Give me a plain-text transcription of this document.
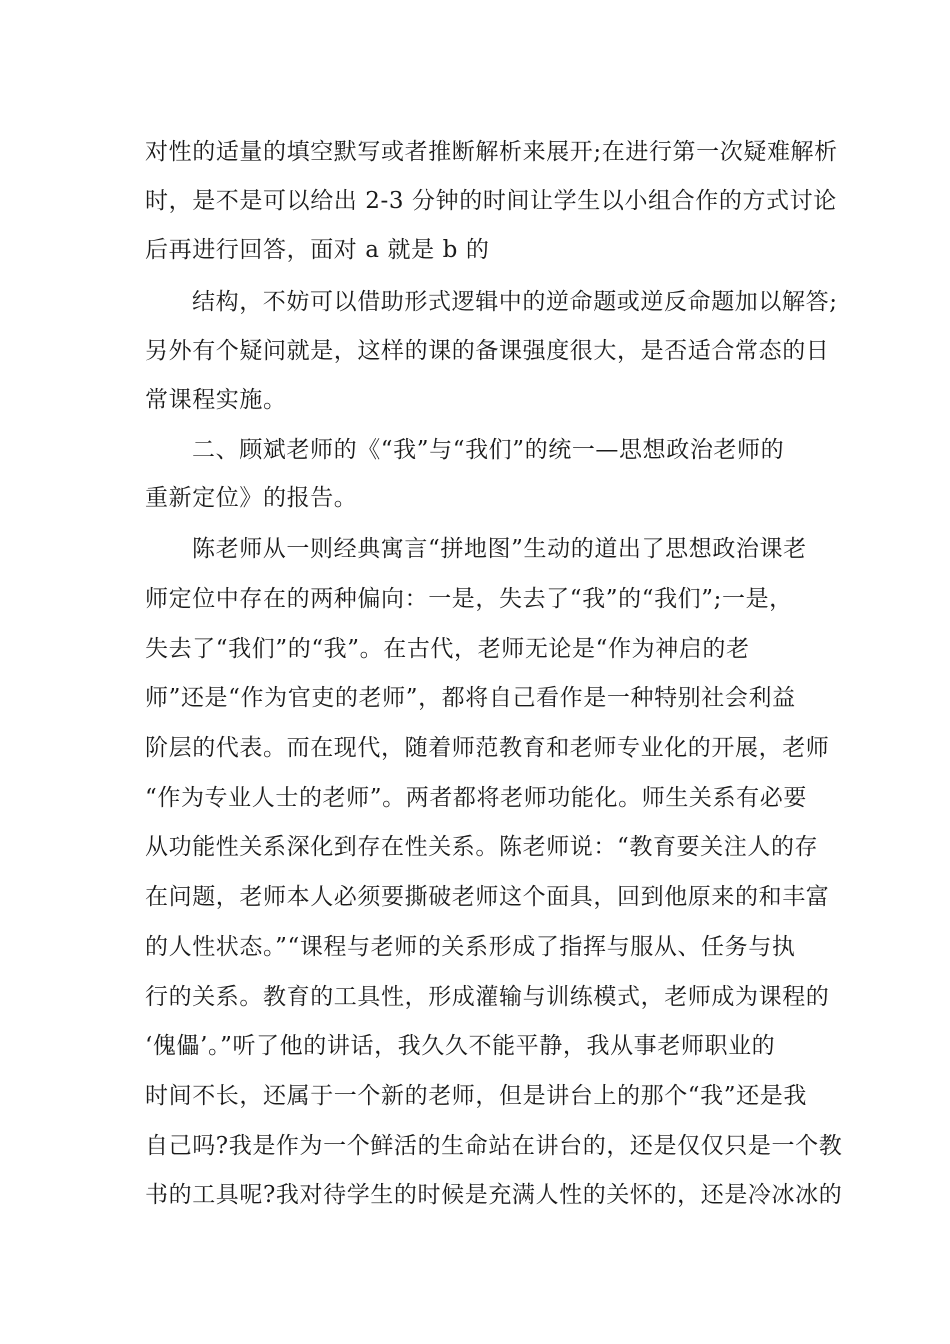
对性的适量的填空默写或者推断解析来展开;在进行第一次疑难解析
时，是不是可以给出 2-3 分钟的时间让学生以小组合作的方式讨论
后再进行回答，面对 a 就是 b 的
结构，不妨可以借助形式逻辑中的逆命题或逆反命题加以解答;
另外有个疑问就是，这样的课的备课强度很大，是否适合常态的日
常课程实施。
二、顾斌老师的《“我”与“我们”的统一—思想政治老师的
重新定位》的报告。
陈老师从一则经典寓言“拼地图”生动的道出了思想政治课老
师定位中存在的两种偏向：一是，失去了“我”的“我们”;一是，
失去了“我们”的“我”。在古代，老师无论是“作为神启的老
师”还是“作为官吏的老师”，都将自己看作是一种特别社会利益
阶层的代表。而在现代，随着师范教育和老师专业化的开展，老师
“作为专业人士的老师”。两者都将老师功能化。师生关系有必要
从功能性关系深化到存在性关系。陈老师说：“教育要关注人的存
在问题，老师本人必须要撕破老师这个面具，回到他原来的和丰富
的人性状态。”“课程与老师的关系形成了指挥与服从、任务与执
行的关系。教育的工具性，形成灌输与训练模式，老师成为课程的
‘傀儡’。”听了他的讲话，我久久不能平静，我从事老师职业的
时间不长，还属于一个新的老师，但是讲台上的那个“我”还是我
自己吗?我是作为一个鲜活的生命站在讲台的，还是仅仅只是一个教
书的工具呢?我对待学生的时候是充满人性的关怀的，还是冷冰冰的
